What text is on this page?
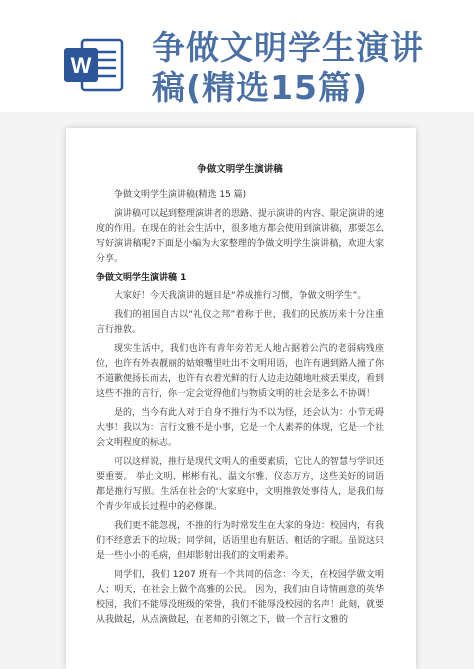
W 争做文明学生演讲
稿(精选15篇)
争做文明学生演讲稿

争做文明学生演讲稿(精选 15 篇)

演讲稿可以起到整理演讲者的思路、提示演讲的内容、限定演讲的速度的作用。在现在的社会生活中，很多地方都会使用到演讲稿，那要怎么写好演讲稿呢?下面是小编为大家整理的争做文明学生演讲稿，欢迎大家分享。

争做文明学生演讲稿 1

大家好！今天我演讲的题目是“养成推行习惯，争做文明学生”。

我们的祖国自古以“礼仪之邦”着称于世，我们的民族历来十分注重言行推敦。

现实生活中，我们也许有青年旁若无人地占据着公汽的老弱病残座位，也许有外表靓丽的姑娘嘴里吐出不文明用语，也许有遇到路人撞了你不道歉便扬长而去，也许有衣着光鲜的行人边走边随地吐痰丢果皮，看到这些不推的言行，你一定会觉得他们与物质文明的社会是多么不协调！

是的，当今有此人对于自身不推行为不以为怪，还会认为：小节无碍大事！我以为：言行文雅不是小事，它是一个人素养的体现，它是一个社会文明程度的标志。

可以这样说，推行是现代文明人的重要素质，它比人的智慧与学识还要重要。 举止文明、彬彬有礼、温文尔雅、仪态万方，这些美好的词语都是推行写照。生活在社会的'大家庭中，文明推敦处事待人，是我们每个青少年成长过程中的必修课。

我们更不能忽视，不推的行为时常发生在大家的身边：校园内，有我们不经意丢下的垃圾；同学间，话语里也有脏话、粗话的字眼。虽说这只是一些小小的毛病，但却影射出我们的文明素养。

同学们，我们 1207 班有一个共同的信念：今天，在校园学做文明人；明天，在社会上做个高雅的公民。 因为，我们由自诗情画意的英华校园，我们不能辱没班级的荣誉，我们不能辱没校园的名声！此刻，就要从我做起，从点滴做起，在老师的引领之下，做一个言行文雅的
